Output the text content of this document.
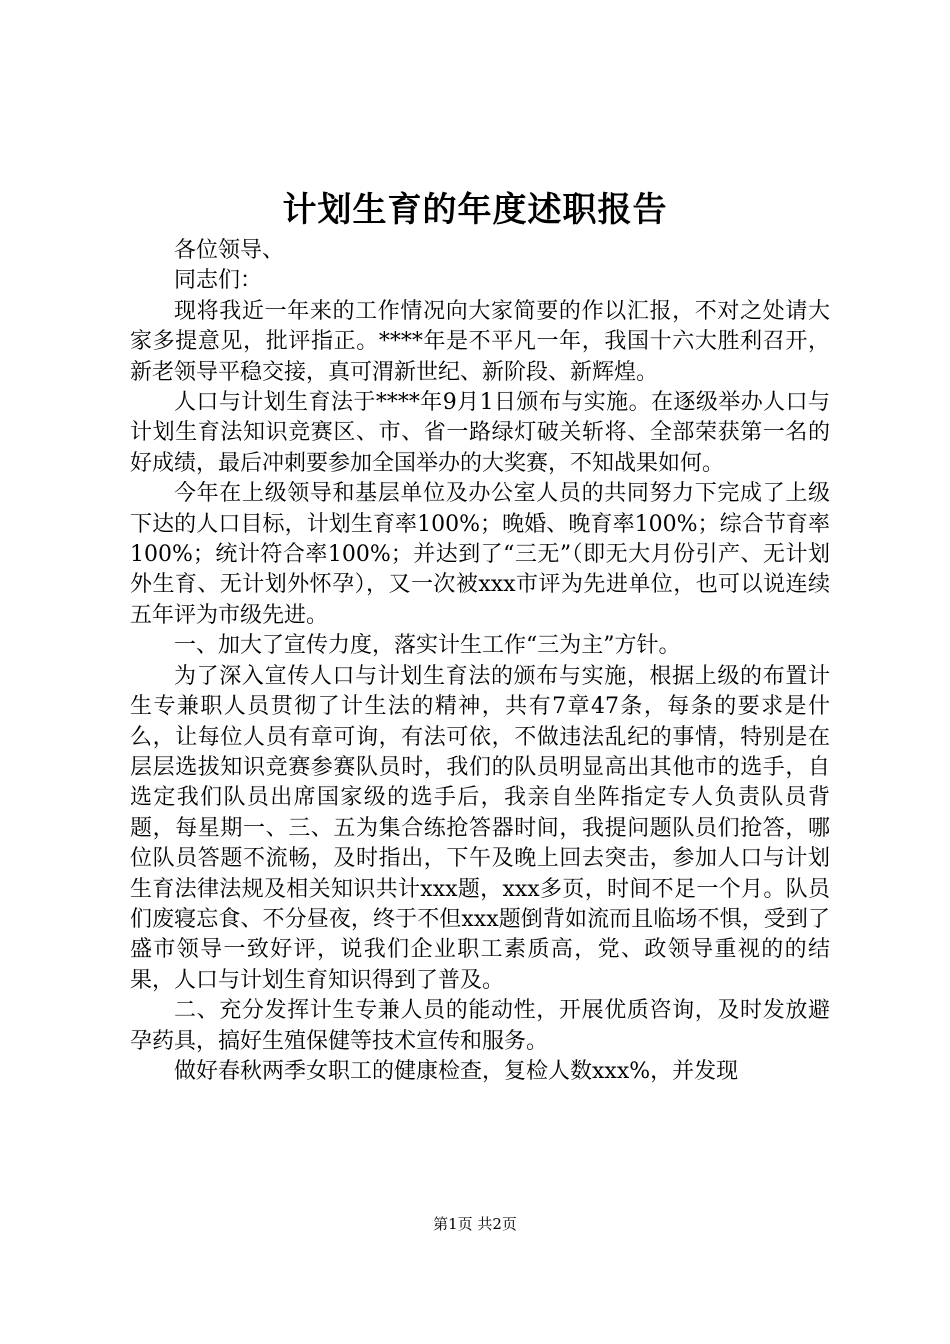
计划生育的年度述职报告

各位领导、

同志们：

现将我近一年来的工作情况向大家简要的作以汇报，不对之处请大家多提意见，批评指正。****年是不平凡一年，我国十六大胜利召开，新老领导平稳交接，真可渭新世纪、新阶段、新辉煌。

人口与计划生育法于****年9月1日颁布与实施。在逐级举办人口与计划生育法知识竞赛区、市、省一路绿灯破关斩将、全部荣获第一名的好成绩，最后冲刺要参加全国举办的大奖赛，不知战果如何。

今年在上级领导和基层单位及办公室人员的共同努力下完成了上级下达的人口目标，计划生育率100%；晚婚、晚育率100%；综合节育率100%；统计符合率100%；并达到了“三无”（即无大月份引产、无计划外生育、无计划外怀孕），又一次被xxx市评为先进单位，也可以说连续五年评为市级先进。

一、加大了宣传力度，落实计生工作“三为主”方针。

为了深入宣传人口与计划生育法的颁布与实施，根据上级的布置计生专兼职人员贯彻了计生法的精神，共有7章47条，每条的要求是什么，让每位人员有章可询，有法可依，不做违法乱纪的事情，特别是在层层选拔知识竞赛参赛队员时，我们的队员明显高出其他市的选手，自选定我们队员出席国家级的选手后，我亲自坐阵指定专人负责队员背题，每星期一、三、五为集合练抢答器时间，我提问题队员们抢答，哪位队员答题不流畅，及时指出，下午及晚上回去突击，参加人口与计划生育法律法规及相关知识共计xxx题，xxx多页，时间不足一个月。队员们废寝忘食、不分昼夜，终于不但xxx题倒背如流而且临场不惧，受到了盛市领导一致好评，说我们企业职工素质高，党、政领导重视的的结果，人口与计划生育知识得到了普及。

二、充分发挥计生专兼人员的能动性，开展优质咨询，及时发放避孕药具，搞好生殖保健等技术宣传和服务。

做好春秋两季女职工的健康检查，复检人数xxx%，并发现

第1页 共2页
